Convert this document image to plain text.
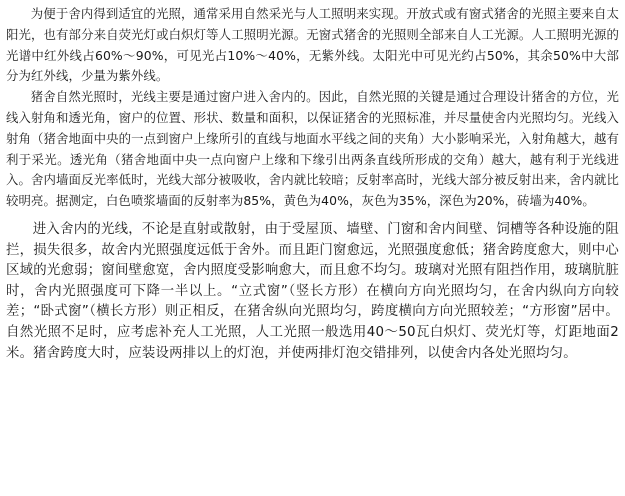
为便于舍内得到适宜的光照，通常采用自然采光与人工照明来实现。开放式或有窗式猪舍的光照主要来自太阳光，也有部分来自荧光灯或白炽灯等人工照明光源。无窗式猪舍的光照则全部来自人工光源。人工照明光源的光谱中红外线占60%～90%，可见光占10%～40%，无紫外线。太阳光中可见光约占50%，其余50%中大部分为红外线，少量为紫外线。

猪舍自然光照时，光线主要是通过窗户进入舍内的。因此，自然光照的关键是通过合理设计猪舍的方位，光线入射角和透光角，窗户的位置、形状、数量和面积，以保证猪舍的光照标准，并尽量使舍内光照均匀。光线入射角（猪舍地面中央的一点到窗户上缘所引的直线与地面水平线之间的夹角）大小影响采光，入射角越大，越有利于采光。透光角（猪舍地面中央一点向窗户上缘和下缘引出两条直线所形成的交角）越大，越有利于光线进入。舍内墙面反光率低时，光线大部分被吸收，舍内就比较暗；反射率高时，光线大部分被反射出来，舍内就比较明亮。据测定，白色喷浆墙面的反射率为85%，黄色为40%，灰色为35%，深色为20%，砖墙为40%。

进入舍内的光线，不论是直射或散射，由于受屋顶、墙壁、门窗和舍内间壁、饲槽等各种设施的阻拦，损失很多，故舍内光照强度远低于舍外。而且距门窗愈远，光照强度愈低；猪舍跨度愈大，则中心区域的光愈弱；窗间壁愈宽，舍内照度受影响愈大，而且愈不均匀。玻璃对光照有阻挡作用，玻璃肮脏时，舍内光照强度可下降一半以上。“立式窗”（竖长方形）在横向方向光照均匀，在舍内纵向方向较差；“卧式窗”（横长方形）则正相反，在猪舍纵向光照均匀，跨度横向方向光照较差；“方形窗”居中。自然光照不足时，应考虑补充人工光照，人工光照一般选用40～50瓦白炽灯、荧光灯等，灯距地面2米。猪舍跨度大时，应装设两排以上的灯泡，并使两排灯泡交错排列，以使舍内各处光照均匀。
